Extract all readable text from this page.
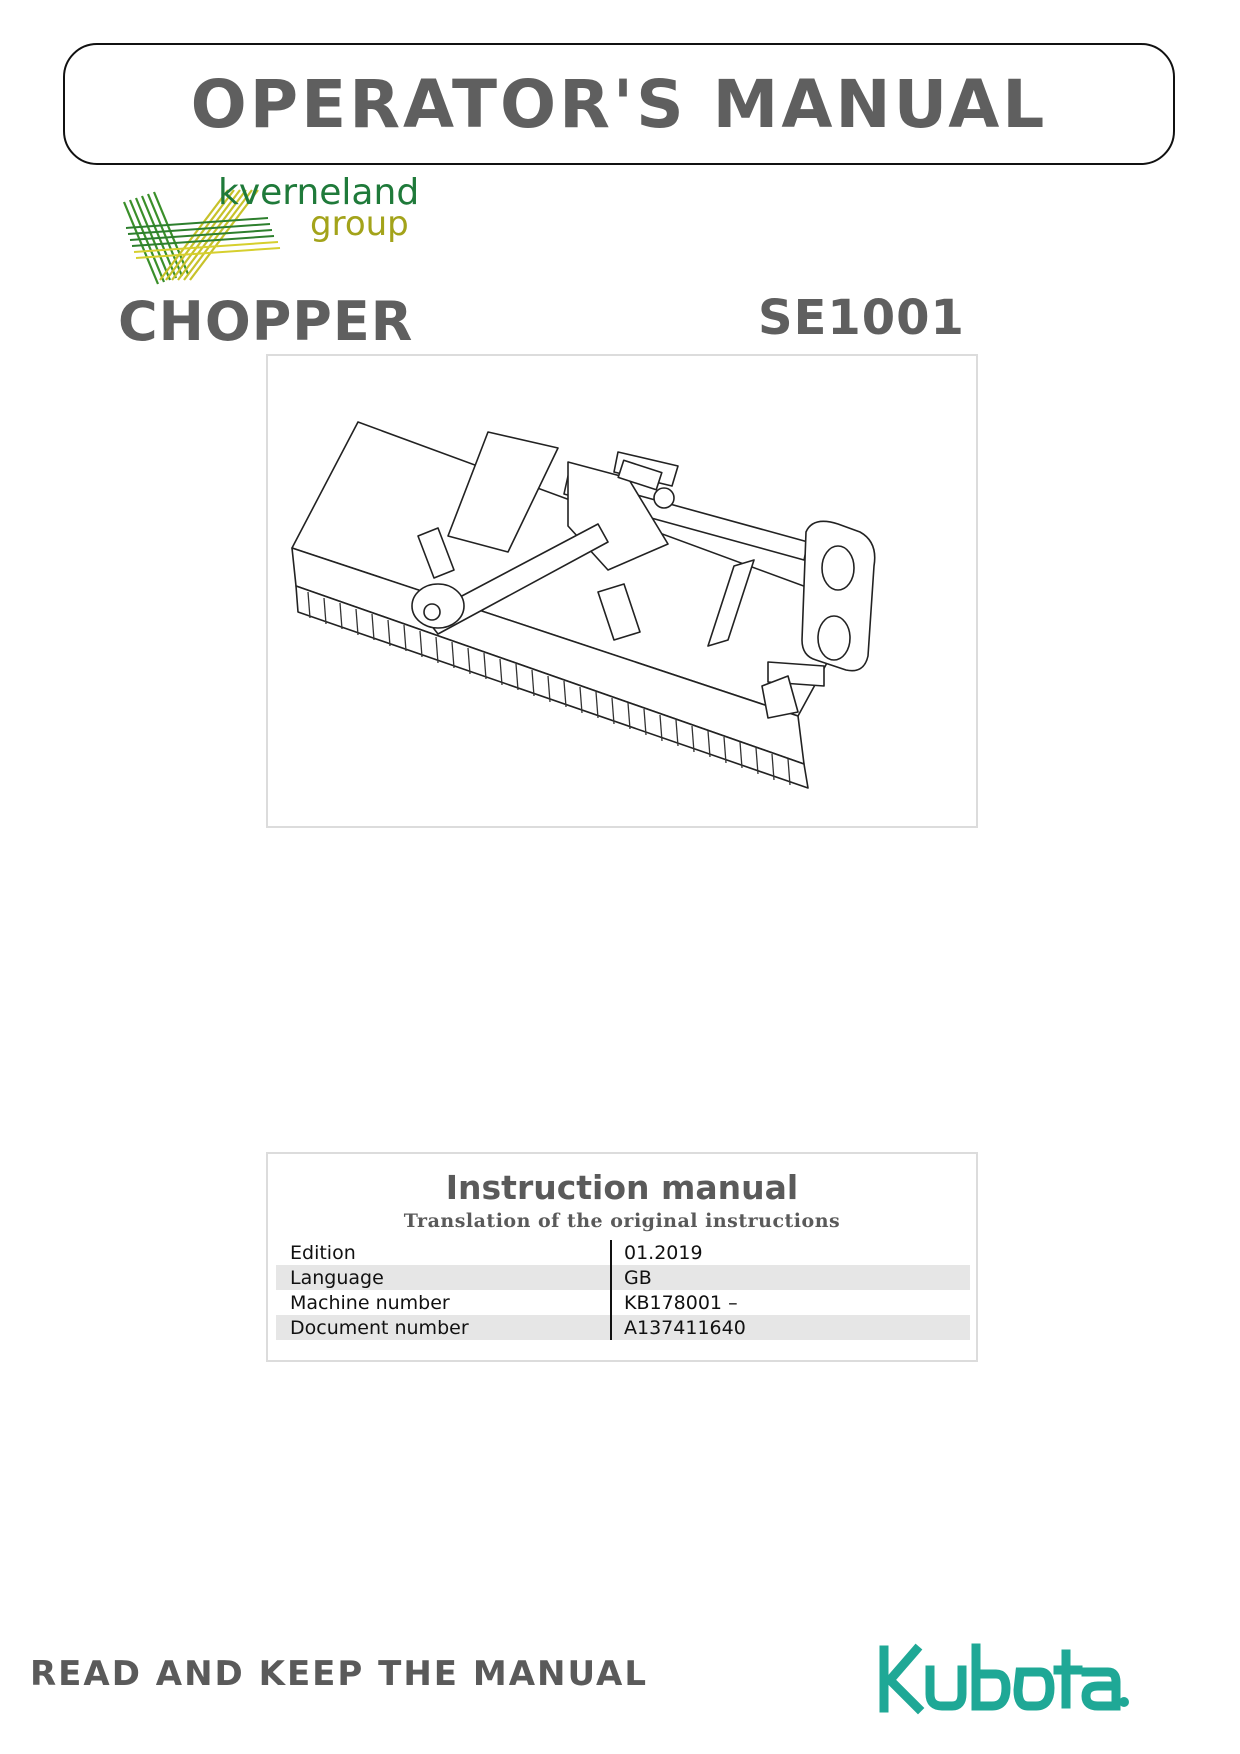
OPERATOR'S MANUAL
kverneland
group
CHOPPER	SE1001
Instruction manual
Translation of the original instructions
Edition	01.2019
Language	GB
Machine number	KB178001 –
Document number	A137411640
READ AND KEEP THE MANUAL
